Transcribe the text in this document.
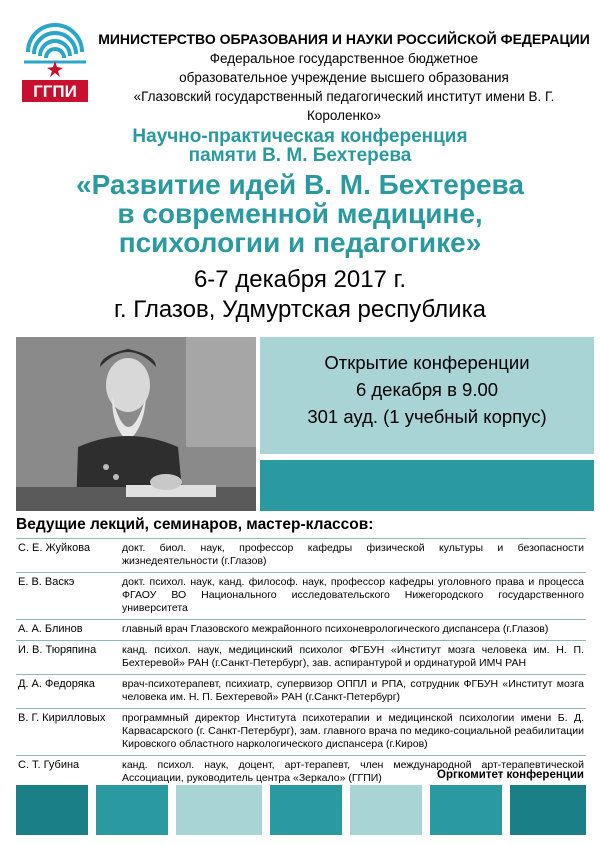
ГГПИ
МИНИСТЕРСТВО ОБРАЗОВАНИЯ И НАУКИ РОССИЙСКОЙ ФЕДЕРАЦИИ
Федеральное государственное бюджетное
образовательное учреждение высшего образования
«Глазовский государственный педагогический институт имени В. Г. Короленко»
Научно-практическая конференция
памяти В. М. Бехтерева
«Развитие идей В. М. Бехтерева
в современной медицине,
психологии и педагогике»
6-7 декабря 2017 г.
г. Глазов, Удмуртская республика
Открытие конференции
6 декабря в 9.00
301 ауд. (1 учебный корпус)
Ведущие лекций, семинаров, мастер-классов:
С. Е. Жуйкова	докт. биол. наук, профессор кафедры физической культуры и безопасности жизнедеятельности (г.Глазов)
Е. В. Васкэ	докт. психол. наук, канд. философ. наук, профессор кафедры уголовного права и процесса ФГАОУ ВО Национального исследовательского Нижегородского государственного университета
А. А. Блинов	главный врач Глазовского межрайонного психоневрологического диспансера (г.Глазов)
И. В. Тюряпина	канд. психол. наук, медицинский психолог ФГБУН «Институт мозга человека им. Н. П. Бехтеревой» РАН (г.Санкт-Петербург), зав. аспирантурой и ординатурой ИМЧ РАН
Д. А. Федоряка	врач-психотерапевт, психиатр, супервизор ОППЛ и РПА, сотрудник ФГБУН «Институт мозга человека им. Н. П. Бехтеревой» РАН (г.Санкт-Петербург)
В. Г. Кирилловых	программный директор Института психотерапии и медицинской психологии имени Б. Д. Карвасарского (г. Санкт-Петербург), зам. главного врача по медико-социальной реабилитации Кировского областного наркологического диспансера (г.Киров)
С. Т. Губина	канд. психол. наук, доцент, арт-терапевт, член международной арт-терапевтической Ассоциации, руководитель центра «Зеркало» (ГГПИ)	Оргкомитет конференции
